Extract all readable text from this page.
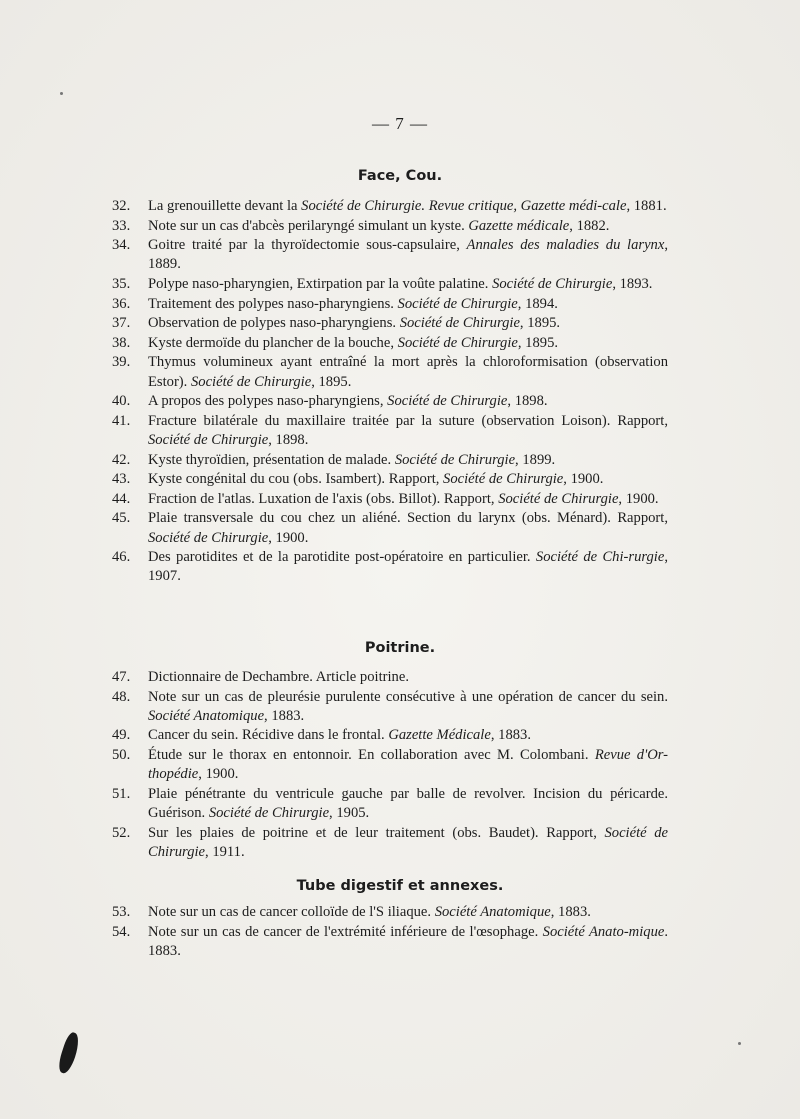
— 7 —
Face, Cou.
32.	La grenouillette devant la Société de Chirurgie. Revue critique, Gazette médi-cale, 1881.
33.	Note sur un cas d'abcès perilaryngé simulant un kyste. Gazette médicale, 1882.
34.	Goitre traité par la thyroïdectomie sous-capsulaire, Annales des maladies du larynx, 1889.
35.	Polype naso-pharyngien, Extirpation par la voûte palatine. Société de Chirurgie, 1893.
36.	Traitement des polypes naso-pharyngiens. Société de Chirurgie, 1894.
37.	Observation de polypes naso-pharyngiens. Société de Chirurgie, 1895.
38.	Kyste dermoïde du plancher de la bouche, Société de Chirurgie, 1895.
39.	Thymus volumineux ayant entraîné la mort après la chloroformisation (observation Estor). Société de Chirurgie, 1895.
40.	A propos des polypes naso-pharyngiens, Société de Chirurgie, 1898.
41.	Fracture bilatérale du maxillaire traitée par la suture (observation Loison). Rapport, Société de Chirurgie, 1898.
42.	Kyste thyroïdien, présentation de malade. Société de Chirurgie, 1899.
43.	Kyste congénital du cou (obs. Isambert). Rapport, Société de Chirurgie, 1900.
44.	Fraction de l'atlas. Luxation de l'axis (obs. Billot). Rapport, Société de Chirurgie, 1900.
45.	Plaie transversale du cou chez un aliéné. Section du larynx (obs. Ménard). Rapport, Société de Chirurgie, 1900.
46.	Des parotidites et de la parotidite post-opératoire en particulier. Société de Chi-rurgie, 1907.
Poitrine.
47.	Dictionnaire de Dechambre. Article poitrine.
48.	Note sur un cas de pleurésie purulente consécutive à une opération de cancer du sein. Société Anatomique, 1883.
49.	Cancer du sein. Récidive dans le frontal. Gazette Médicale, 1883.
50.	Étude sur le thorax en entonnoir. En collaboration avec M. Colombani. Revue d'Or-thopédie, 1900.
51.	Plaie pénétrante du ventricule gauche par balle de revolver. Incision du péricarde. Guérison. Société de Chirurgie, 1905.
52.	Sur les plaies de poitrine et de leur traitement (obs. Baudet). Rapport, Société de Chirurgie, 1911.
Tube digestif et annexes.
53.	Note sur un cas de cancer colloïde de l'S iliaque. Société Anatomique, 1883.
54.	Note sur un cas de cancer de l'extrémité inférieure de l'œsophage. Société Anato-mique. 1883.
